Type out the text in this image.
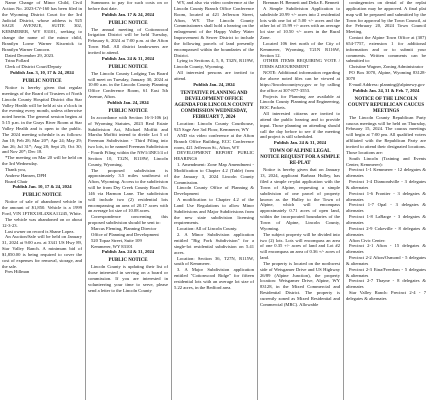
Name Change of Minor Child, Civil Action No. 2023-CV-160 has been filed in the Wyoming District Court for the 3rd Judicial District, whose address is 925 SAGE AVENUE, SUITE 302, KEMMERER, WY 83101, seeking to change the name of the minor child, Brantlyn Lorne Warner Kiswnick to Brantlyn Warner Cancorn.

Dated December 29, 2023.

Trina Pollard

Clerk of District Court/Deputy

Publish Jan. 3, 10, 17 & 24, 2024

PUBLIC NOTICE

Notice is hereby given that regular meetings of the Board of Trustees of North Lincoln County Hospital District dba Star Valley Health will be held at six o'clock in the evening every month, unless otherwise noted herein. The general session begins at 5:15 p.m. in the Grays River Room at Star Valley Health and is open to the public. The 2024 meeting schedule is as follows: Jan 10; Feb 28; Mar 20*; Apr 24; May 29; Jun 26; Jul 31*; Aug 28; Sept 25; Oct 30; and Nov 20*; Dec 18.

*The meeting on Mar 20 will be held on the 3rd Wednesday.

Thank you,

Andrew Hansen, DPH

Board Chair

Publish Jan. 10, 17 & 24, 2024

PUBLIC NOTICE

Notice of sale of abandoned vehicle in the amount of $1,850. Vehicle is a 1999 Ford, VIN 1FTRX18L4XKA11245, White.

The vehicle was abandoned on or about 12-3-23.

Last owner on record is Shane Lopez.

An Auction/Sale will be held on January 31, 2024 at 9:00 a.m. at 3341 US Hwy 89, Star Valley Ranch. A minimum bid of $1,850.00 is being required to cover the cost of expenses for removal, storage, and the sale.

Pres Hillman

Summons to pay for such costs on or before that date.

Publish Jan. 17 & 24, 2024

PUBLIC NOTICE

The annual meeting of Cottonwood Irrigation District will be held Tuesday, February 6, 2024 at 7:00 p.m. at the Afton Town Hall. All district landowners are invited to attend.

Publish Jan. 24 & 31, 2024

PUBLIC NOTICE

The Lincoln County Lodging Tax Board will meet on Tuesday, January 30, 2024 at 10:00 a.m. in the Lincoln County Planning Office Conference Room, 61 East 5th Avenue, Afton.

Publish Jan. 24, 2024

PUBLIC NOTICE

In accordance with Section 16-3-106 (a) of Wyoming Statutes, 2023 Real Estate Subdivision Act, Michael Moffitt and Marsha Moffitt intend to divide Lot 5 of Freeman Subdivision - Third Filing into two lots, to be named Freeman Subdivision - Fourth Filing within the NW1/4NE1/4 of Section 10, T32N, R118W, Lincoln County, Wyoming.

The proposed subdivision is approximately 3.5 miles southwest of Afton, Wyoming. Access to the subdivision will be from Dry Creek County Road No. 146 via Harmon Lane. The subdivision will include two (2) residential lots encompassing an area of 20.17 acres with an average lot size of 10.08 acres.

Correspondence concerning this proposed subdivision should be sent to:

Marcus Fleming, Planning Director

Office of Planning and Development

520 Topaz Street, Suite 109

Kemmerer, WY 83101

Publish Jan. 24 & 31, 2024

PUBLIC NOTICE

Lincoln County is updating their list of those interested in serving on a board or commission. If you are interested in volunteering your time to serve, please send a letter to the Lincoln County

WY, and also via video conference at the Lincoln County Branch Office Conference Room, located at 421 Jefferson Street, Afton, WY. The Lincoln County Commissioners shall hold a hearing on the enlargement of the Happy Valley Water Improvement & Sewer District to include the following parcels of land presently encompassed within the boundaries of the District.

Lying in Sections 4, 5, 8, T32N, R119W, Lincoln County, Wyoming.

All interested persons are invited to attend.

Publish Jan. 24, 2024

TENTATIVE PLANNING AND DEVELOPMENT OFFICE AGENDA FOR LINCOLN COUNTY COMMISSION WEDNESDAY, FEBRUARY 7, 2024

Location: Lincoln County Courthouse, 925 Sage Ave 3rd Floor, Kemmerer, WY

AND via video conference at the Afton Branch Office Building, ECC Conference room, 421 Jefferson St., Afton, WY

DEVELOPMENT REPORT PUBLIC HEARINGS

1. Amendment: Zone Map Amendment - Modification to Chapter 4.2 (Table) from the January 3, 2024 Lincoln County Commission.

Lincoln County Office of Planning & Development

A modification to Chapter 4.2 of the Land Use Regulations to allow Minor Subdivisions and Major Subdivisions from the new state subdivision licensing requirements.

Location: All of Lincoln County.

2. A Minor Subdivision application entitled "Big Fork Subdivision" for a single-lot residential subdivision on 5.41 acres.

Location: Section 36, T27N, R115W, south of Kemmerer.

3. A Major Subdivision application entitled "Cottonwood Ridge" for fifteen residential lots with an average lot size of 5.22 acres, in the Bedford area.

Brennan H. Bennett and Delia E. Bennett

A Simple Subdivision Application to subdivide 20.99 +/- acres into 2 residential lots with one lot of 5.00 +/- acres and the other lot of 15.99 +/- acres with an average lot size of 10.50 +/- acres in the Rural Zone.

Located 106 feet north of the City of Kemmerer, Wyoming, T21N R116W, Section 12.

OTHER ITEMS REQUIRING VOTE / ITEMS ADJOURNMENT

NOTE: Additional information regarding the above noted files can be viewed at https://lincolncountywy.gov or by calling the office at 307-877-3553.

Projects for Planning are available at Lincoln County Planning and Engineering, BOC Packets.

All interested citizens are invited to attend the public hearing and to provide input. Those planning on attending should call the day before to see if the meeting and project is still scheduled.

Publish Jan. 24 & 31, 2024

TOWN OF ALPINE LEGAL NOTICE REQUEST FOR A SIMPLE RE-PLAT

Notice is hereby given that on January 13, 2024, applicant Barbara Hulley, has filed a simple re-plat application with the Town of Alpine, requesting a simple subdivision of one parcel of property known as the Hulley to the Town of Alpine, which will encompass approximately 0.71 acres of open land, within the incorporated boundaries of the Town of Alpine, Lincoln County, Wyoming.

The subject property will be divided into two (2) lots. Lots will encompass an area of one 0.35 +/- acres of land and Lot #2 will encompass an area of 0.36 +/- acres of land.

The property is located on the northwest side of Weisgamer Drive and US Highway 26/89 (Alpine Junction), the property location: Weisgamer Drive, Alpine, WY 83128, in the Mixed Commercial and Residential District. The property is currently zoned as Mixed Residential and Commercial (MRC). Allowable

contingencies on denial of the replat application may be approved. A final plat map will be prepared and submitted by the Town for approval by the Town Council, at the February 20, 2024 Town Council Meeting.

Contact the Alpine Town Office at (307) 654-7757, extension 1 for additional information and or to submit your comments. Written comments can be submitted to:

Christine Wagner, Zoning Administrator

PO Box 3070, Alpine, Wyoming 83128-3070

E-mail Address: planning@alpinewy.gov

Publish Jan. 24, 31 & Feb. 7, 2024

NOTICE OF THE LINCOLN COUNTY REPUBLICAN CAUCUS MEETINGS

The Lincoln County Republican Party caucus meetings will be held on Thursday, February 15, 2024. The caucus meetings will begin at 7:00 pm. All qualified voters affiliated with the Republican Party are invited to attend their designated locations. Those locations are:

South Lincoln (Training and Events Center, Kemmerer):

Precinct 1-1 Kemmerer - 12 delegates & alternates

Precinct 1-4 Diamondville - 3 delegates & alternates

Precinct 1-6 Frontier - 3 delegates & alternates

Precinct 1-7 Opal - 3 delegates & alternates

Precinct 1-8 LaBarge - 3 delegates & alternates

Precinct 2-9 Cokeville - 8 delegates & alternates

Afton Civic Center:

Precinct 2-1 Afton - 15 delegates & alternates

Precinct 2-2 Afton/Osmond - 5 delegates & alternates

Precinct 2-3 Etna/Freedom - 5 delegates & alternates

Precinct 2-7 Thayne - 8 delegates & alternates

Star Valley Ranch: Precinct 2-4 - 7 delegates & alternates
